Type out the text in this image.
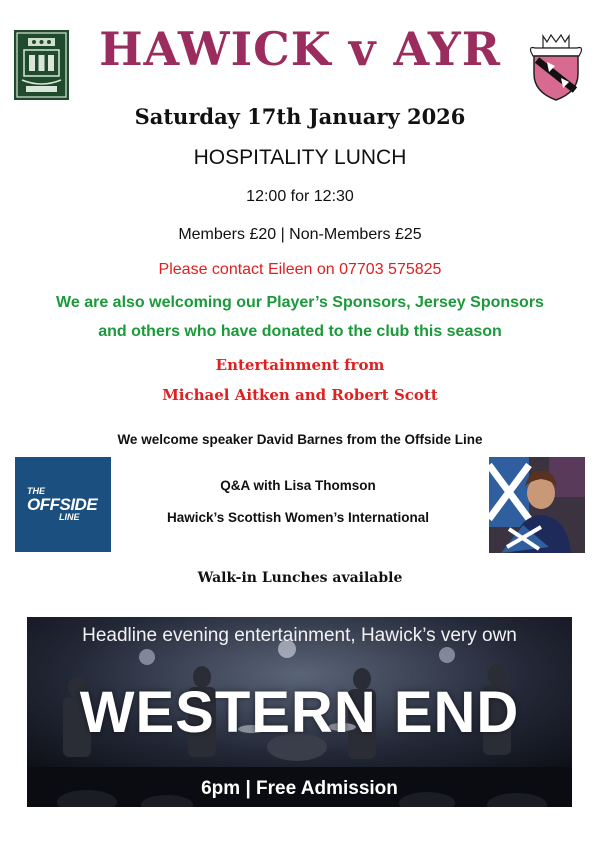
HAWICK v AYR
Saturday 17th January 2026
HOSPITALITY LUNCH
12:00 for 12:30
Members £20 | Non-Members £25
Please contact Eileen on 07703 575825
We are also welcoming our Player’s Sponsors, Jersey Sponsors
and others who have donated to the club this season
Entertainment from
Michael Aitken and Robert Scott
We welcome speaker David Barnes from the Offside Line
THE
OFFSIDE
LINE
Q&A with Lisa Thomson
Hawick’s Scottish Women’s International
Walk-in Lunches available
Headline evening entertainment, Hawick’s very own
WESTERN END
6pm | Free Admission
